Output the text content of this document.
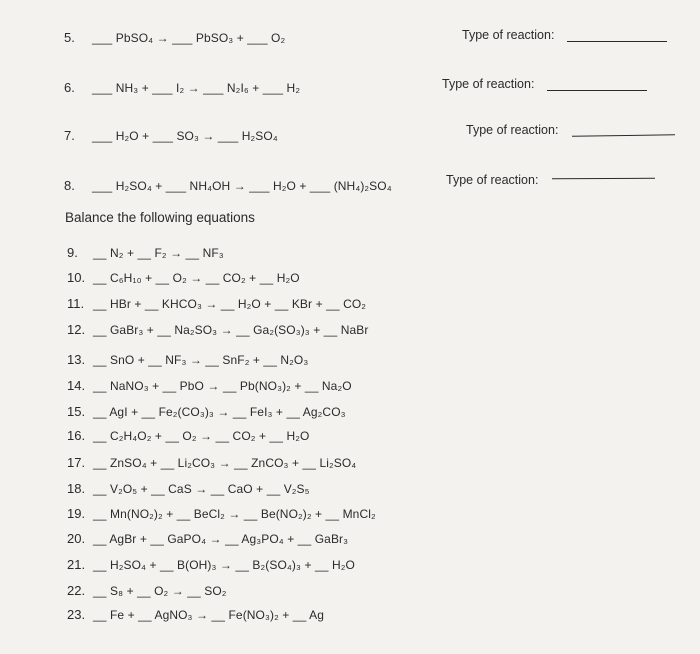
5. ___ PbSO₄ → ___ PbSO₃ + ___ O₂	Type of reaction:
6. ___ NH₃ + ___ I₂ → ___ N₂I₆ + ___ H₂	Type of reaction:
7. ___ H₂O + ___ SO₃ → ___ H₂SO₄	Type of reaction:
8. ___ H₂SO₄ + ___ NH₄OH → ___ H₂O + ___ (NH₄)₂SO₄	Type of reaction:
Balance the following equations
9. __ N₂ + __ F₂ → __ NF₃
10. __ C₆H₁₀ + __ O₂ → __ CO₂ + __ H₂O
11. __ HBr + __ KHCO₃ → __ H₂O + __ KBr + __ CO₂
12. __ GaBr₃ + __ Na₂SO₃ → __ Ga₂(SO₃)₃ + __ NaBr
13. __ SnO + __ NF₃ → __ SnF₂ + __ N₂O₃
14. __ NaNO₃ + __ PbO → __ Pb(NO₃)₂ + __ Na₂O
15. __ AgI + __ Fe₂(CO₃)₃ → __ FeI₃ + __ Ag₂CO₃
16. __ C₂H₄O₂ + __ O₂ → __ CO₂ + __ H₂O
17. __ ZnSO₄ + __ Li₂CO₃ → __ ZnCO₃ + __ Li₂SO₄
18. __ V₂O₅ + __ CaS → __ CaO + __ V₂S₅
19. __ Mn(NO₂)₂ + __ BeCl₂ → __ Be(NO₂)₂ + __ MnCl₂
20. __ AgBr + __ GaPO₄ → __ Ag₃PO₄ + __ GaBr₃
21. __ H₂SO₄ + __ B(OH)₃ → __ B₂(SO₄)₃ + __ H₂O
22. __ S₈ + __ O₂ → __ SO₂
23. __ Fe + __ AgNO₃ → __ Fe(NO₃)₂ + __ Ag
